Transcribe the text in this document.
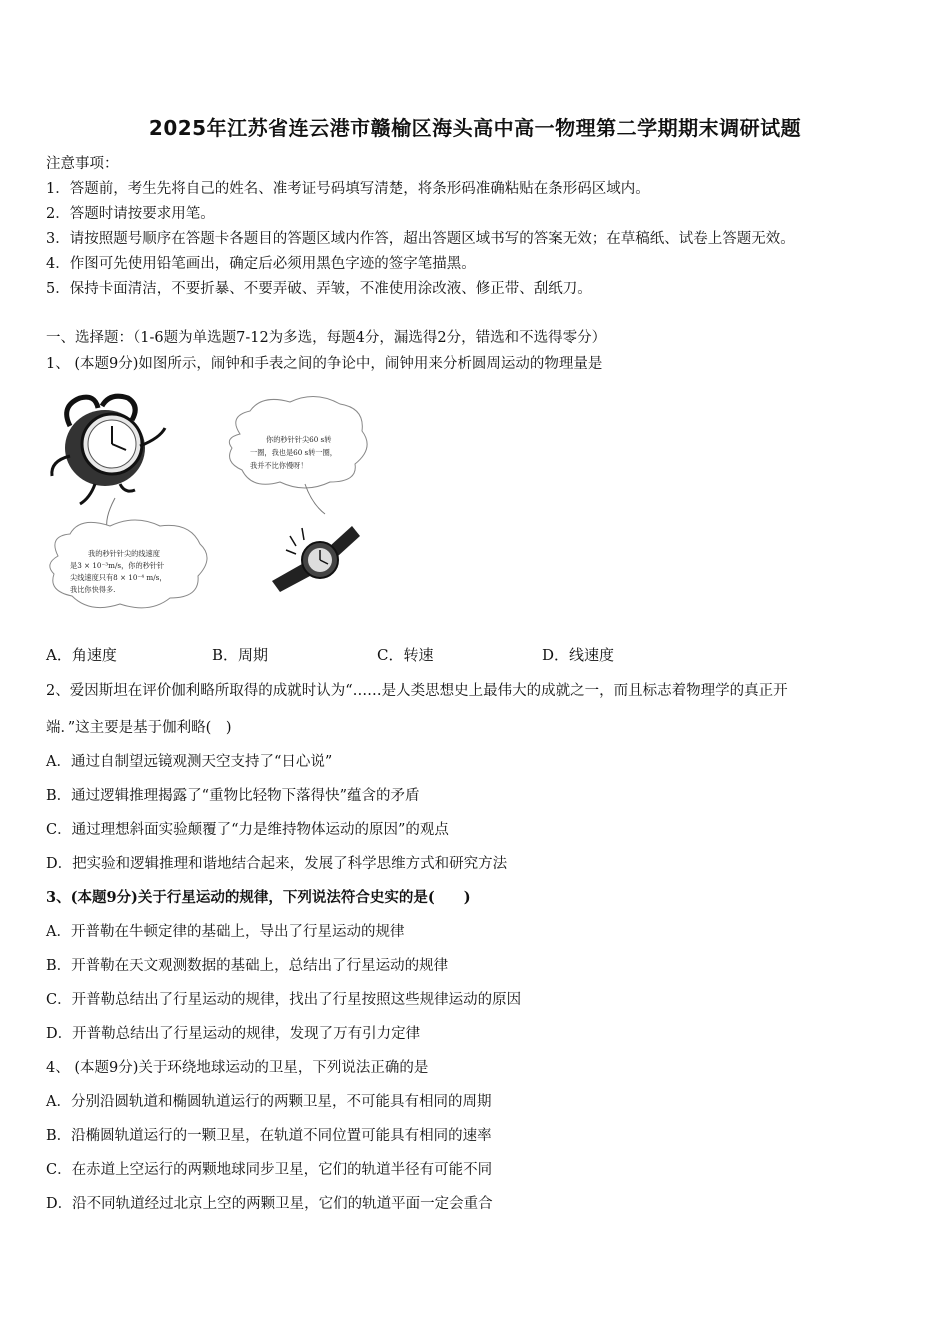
2025年江苏省连云港市赣榆区海头高中高一物理第二学期期末调研试题
注意事项：
1．答题前，考生先将自己的姓名、准考证号码填写清楚，将条形码准确粘贴在条形码区域内。
2．答题时请按要求用笔。
3．请按照题号顺序在答题卡各题目的答题区域内作答，超出答题区域书写的答案无效；在草稿纸、试卷上答题无效。
4．作图可先使用铅笔画出，确定后必须用黑色字迹的签字笔描黑。
5．保持卡面清洁，不要折暴、不要弄破、弄皱，不准使用涂改液、修正带、刮纸刀。
一、选择题：（1-6题为单选题7-12为多选，每题4分，漏选得2分，错选和不选得零分）
1、 (本题9分)如图所示，闹钟和手表之间的争论中，闹钟用来分析圆周运动的物理量是
我的秒针针尖的线速度
是3 × 10⁻³m/s，你的秒针针
尖线速度只有8 × 10⁻⁴ m/s，
我比你快得多.
你的秒针针尖60 s转
一圈，我也是60 s转一圈，
我并不比你慢呀！
A．角速度	B．周期	C．转速	D．线速度
2、爱因斯坦在评价伽利略所取得的成就时认为“……是人类思想史上最伟大的成就之一，而且标志着物理学的真正开
端．”这主要是基于伽利略(　)
A．通过自制望远镜观测天空支持了“日心说”
B．通过逻辑推理揭露了“重物比轻物下落得快”蕴含的矛盾
C．通过理想斜面实验颠覆了“力是维持物体运动的原因”的观点
D．把实验和逻辑推理和谐地结合起来，发展了科学思维方式和研究方法
3、(本题9分)关于行星运动的规律，下列说法符合史实的是(　　)
A．开普勒在牛顿定律的基础上，导出了行星运动的规律
B．开普勒在天文观测数据的基础上，总结出了行星运动的规律
C．开普勒总结出了行星运动的规律，找出了行星按照这些规律运动的原因
D．开普勒总结出了行星运动的规律，发现了万有引力定律
4、 (本题9分)关于环绕地球运动的卫星，下列说法正确的是
A．分别沿圆轨道和椭圆轨道运行的两颗卫星，不可能具有相同的周期
B．沿椭圆轨道运行的一颗卫星，在轨道不同位置可能具有相同的速率
C．在赤道上空运行的两颗地球同步卫星，它们的轨道半径有可能不同
D．沿不同轨道经过北京上空的两颗卫星，它们的轨道平面一定会重合
